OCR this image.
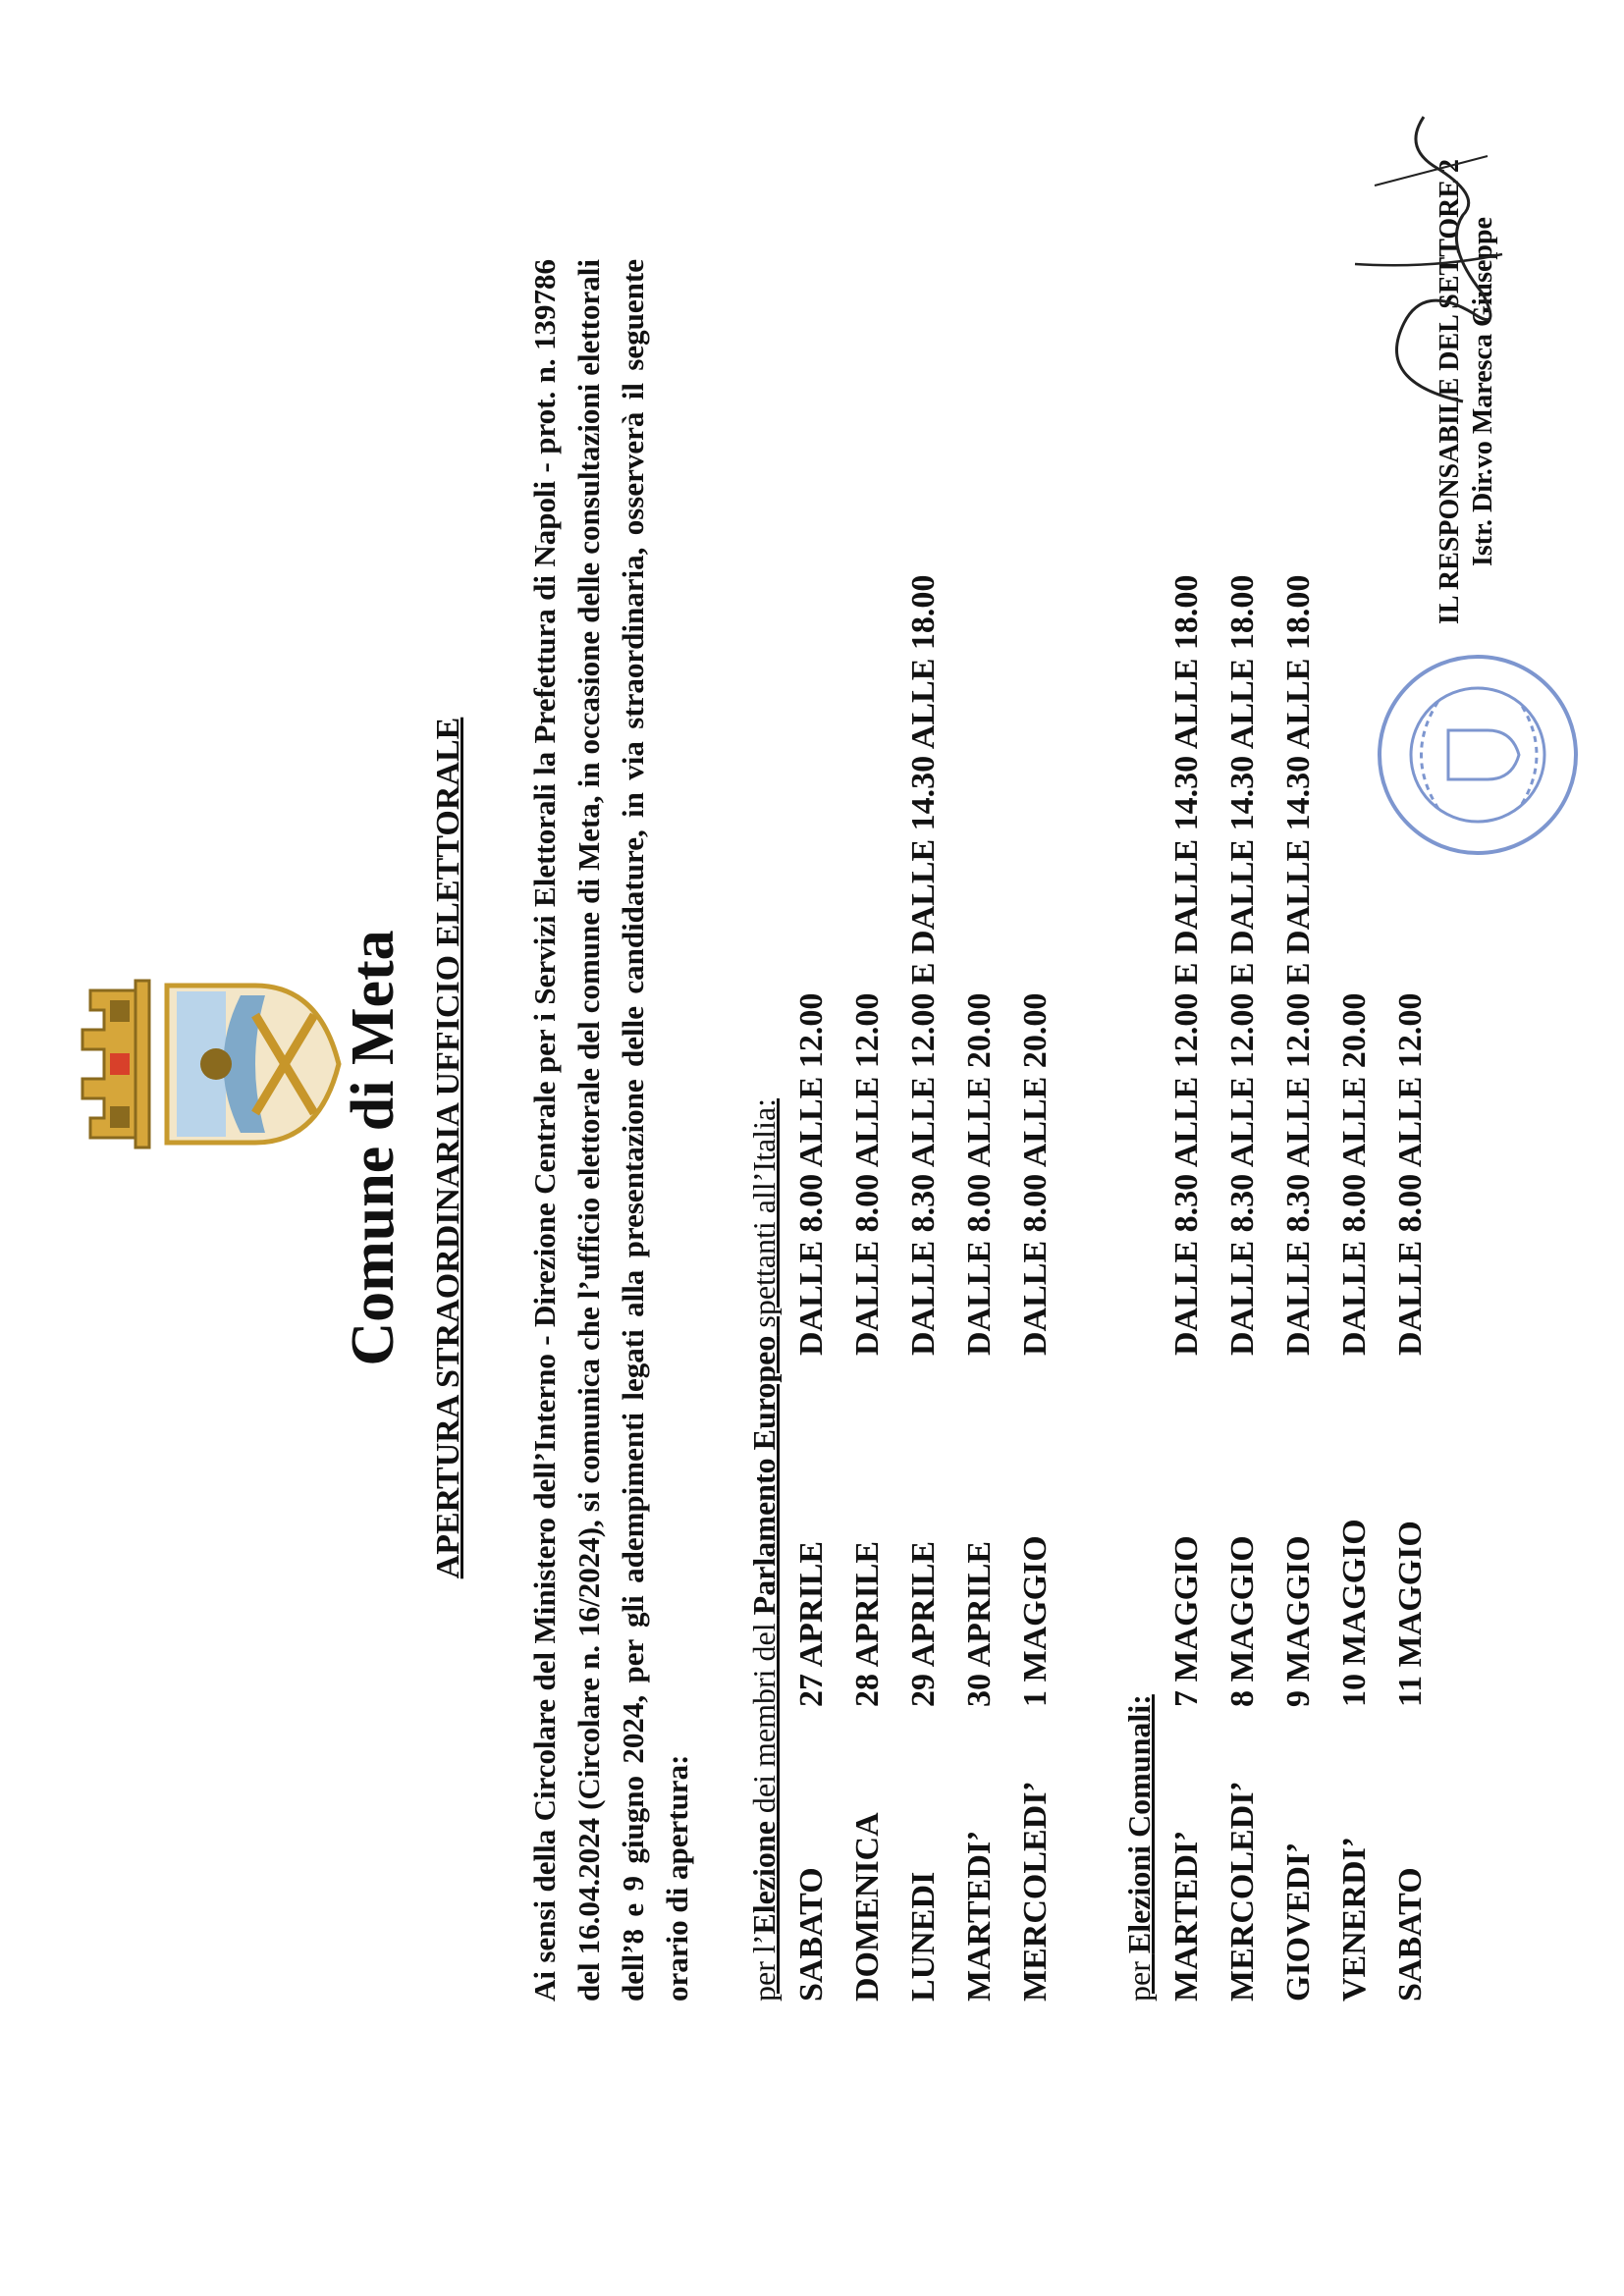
Comune di Meta APERTURA STRAORDINARIA UFFICIO ELETTORALE Ai sensi della Circolare del Ministero dell’Interno - Direzione Centrale per i Servizi Elettorali la Prefettura di Napoli - prot. n. 139786 del 16.04.2024 (Circolare n. 16/2024), si comunica che l’ufficio elettorale del comune di Meta, in occasione delle consultazioni elettorali dell’8 e 9 giugno 2024, per gli adempimenti legati alla presentazione delle candidature, in via straordinaria, osserverà il seguente orario di apertura: per l’Elezione dei membri del Parlamento Europeo spettanti all’Italia:
SABATO
27 APRILE
DALLE 8.00 ALLE 12.00
DOMENICA
28 APRILE
DALLE 8.00 ALLE 12.00
LUNEDI
29 APRILE
DALLE 8.30 ALLE 12.00 E DALLE 14.30 ALLE 18.00
MARTEDI’
30 APRILE
DALLE 8.00 ALLE 20.00
MERCOLEDI’
1 MAGGIO
DALLE 8.00 ALLE 20.00
per Elezioni Comunali: MARTEDI’
7 MAGGIO
DALLE 8.30 ALLE 12.00 E DALLE 14.30 ALLE 18.00
MERCOLEDI’
8 MAGGIO
DALLE 8.30 ALLE 12.00 E DALLE 14.30 ALLE 18.00
GIOVEDI’
9 MAGGIO
DALLE 8.30 ALLE 12.00 E DALLE 14.30 ALLE 18.00
VENERDI’
10 MAGGIO
DALLE 8.00 ALLE 20.00
SABATO
11 MAGGIO
DALLE 8.00 ALLE 12.00
IL RESPONSABILE DEL SETTORE 2 Istr. Dir.vo Maresca Giuseppe
